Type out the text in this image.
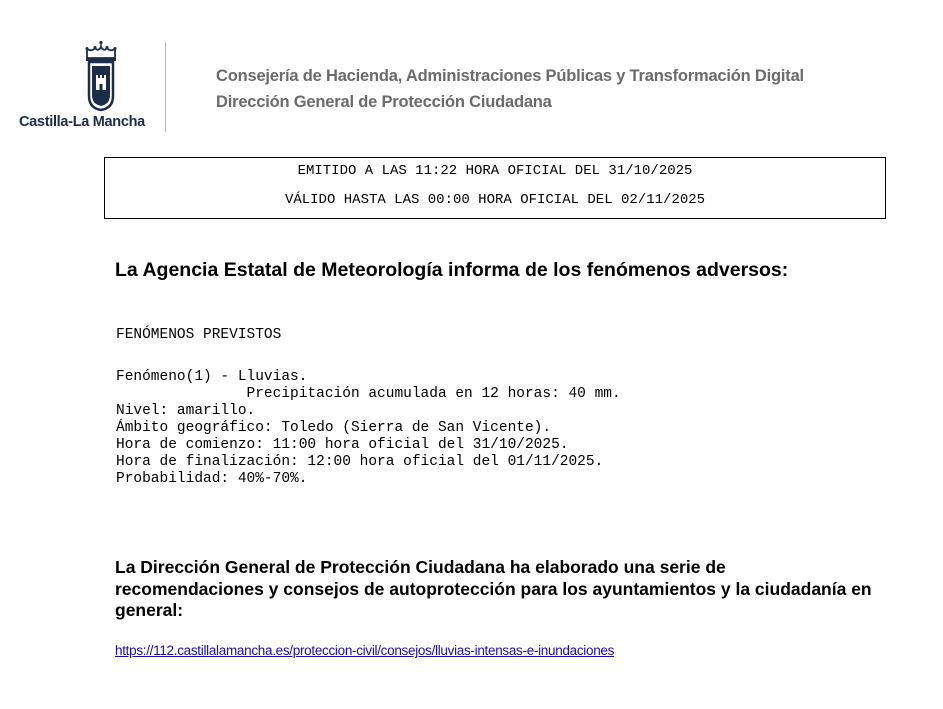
Castilla-La Mancha
Consejería de Hacienda, Administraciones Públicas y Transformación Digital
Dirección General de Protección Ciudadana
EMITIDO A LAS 11:22 HORA OFICIAL DEL 31/10/2025
VÁLIDO HASTA LAS 00:00 HORA OFICIAL DEL 02/11/2025
La Agencia Estatal de Meteorología informa de los fenómenos adversos:
FENÓMENOS PREVISTOS
Fenómeno(1) - Lluvias.
Precipitación acumulada en 12 horas: 40 mm.
Nivel: amarillo.
Ámbito geográfico: Toledo (Sierra de San Vicente).
Hora de comienzo: 11:00 hora oficial del 31/10/2025.
Hora de finalización: 12:00 hora oficial del 01/11/2025.
Probabilidad: 40%-70%.
La Dirección General de Protección Ciudadana ha elaborado una serie de recomendaciones y consejos de autoprotección para los ayuntamientos y la ciudadanía en general:
https://112.castillalamancha.es/proteccion-civil/consejos/lluvias-intensas-e-inundaciones
